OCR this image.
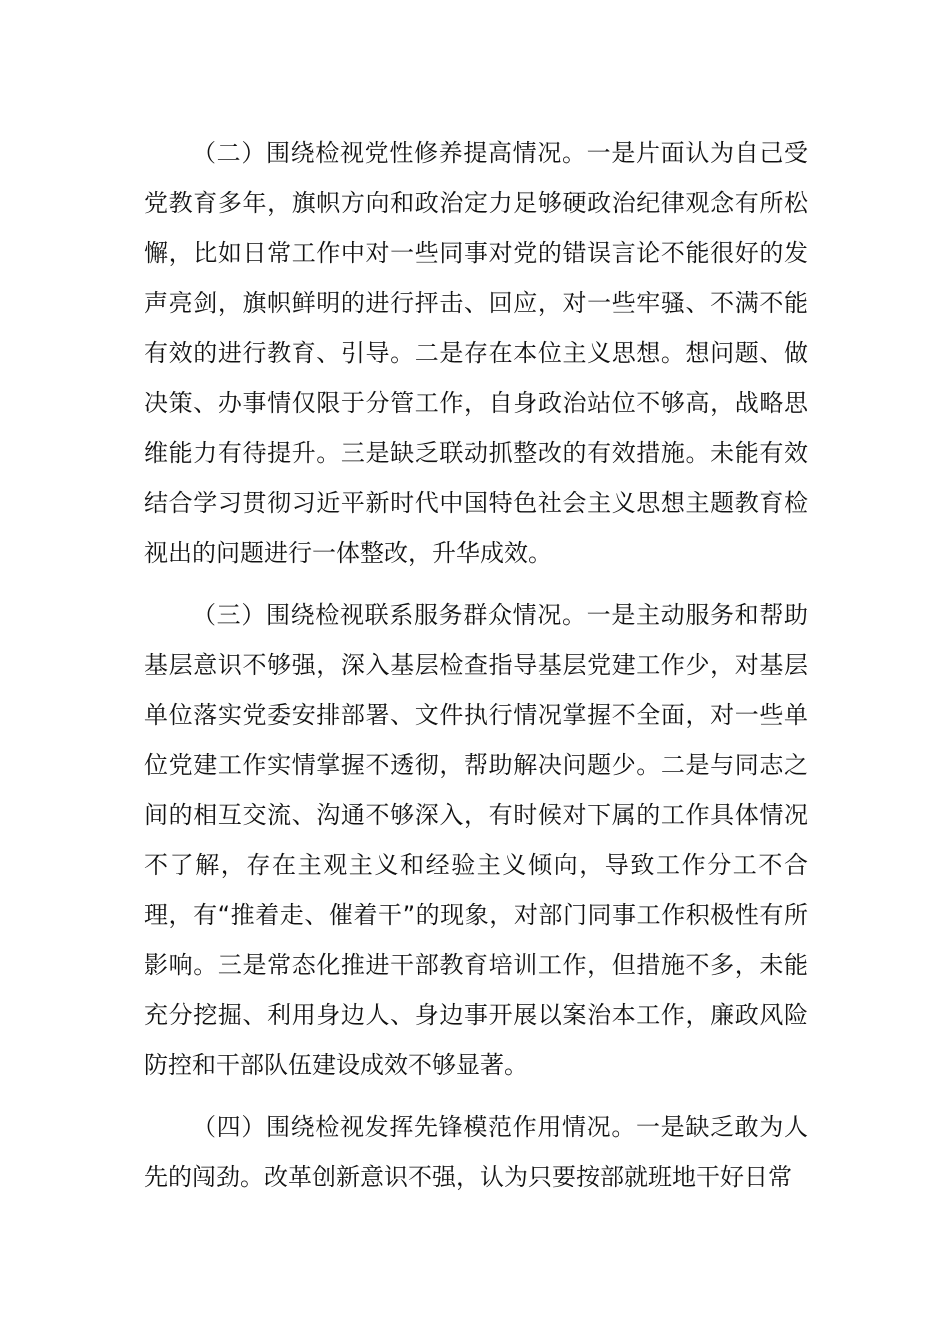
（二）围绕检视党性修养提高情况。一是片面认为自己受党教育多年，旗帜方向和政治定力足够硬政治纪律观念有所松懈，比如日常工作中对一些同事对党的错误言论不能很好的发声亮剑，旗帜鲜明的进行抨击、回应，对一些牢骚、不满不能有效的进行教育、引导。二是存在本位主义思想。想问题、做决策、办事情仅限于分管工作，自身政治站位不够高，战略思维能力有待提升。三是缺乏联动抓整改的有效措施。未能有效结合学习贯彻习近平新时代中国特色社会主义思想主题教育检视出的问题进行一体整改，升华成效。

（三）围绕检视联系服务群众情况。一是主动服务和帮助基层意识不够强，深入基层检查指导基层党建工作少，对基层单位落实党委安排部署、文件执行情况掌握不全面，对一些单位党建工作实情掌握不透彻，帮助解决问题少。二是与同志之间的相互交流、沟通不够深入，有时候对下属的工作具体情况不了解，存在主观主义和经验主义倾向，导致工作分工不合理，有“推着走、催着干”的现象，对部门同事工作积极性有所影响。三是常态化推进干部教育培训工作，但措施不多，未能充分挖掘、利用身边人、身边事开展以案治本工作，廉政风险防控和干部队伍建设成效不够显著。

（四）围绕检视发挥先锋模范作用情况。一是缺乏敢为人先的闯劲。改革创新意识不强，认为只要按部就班地干好日常
